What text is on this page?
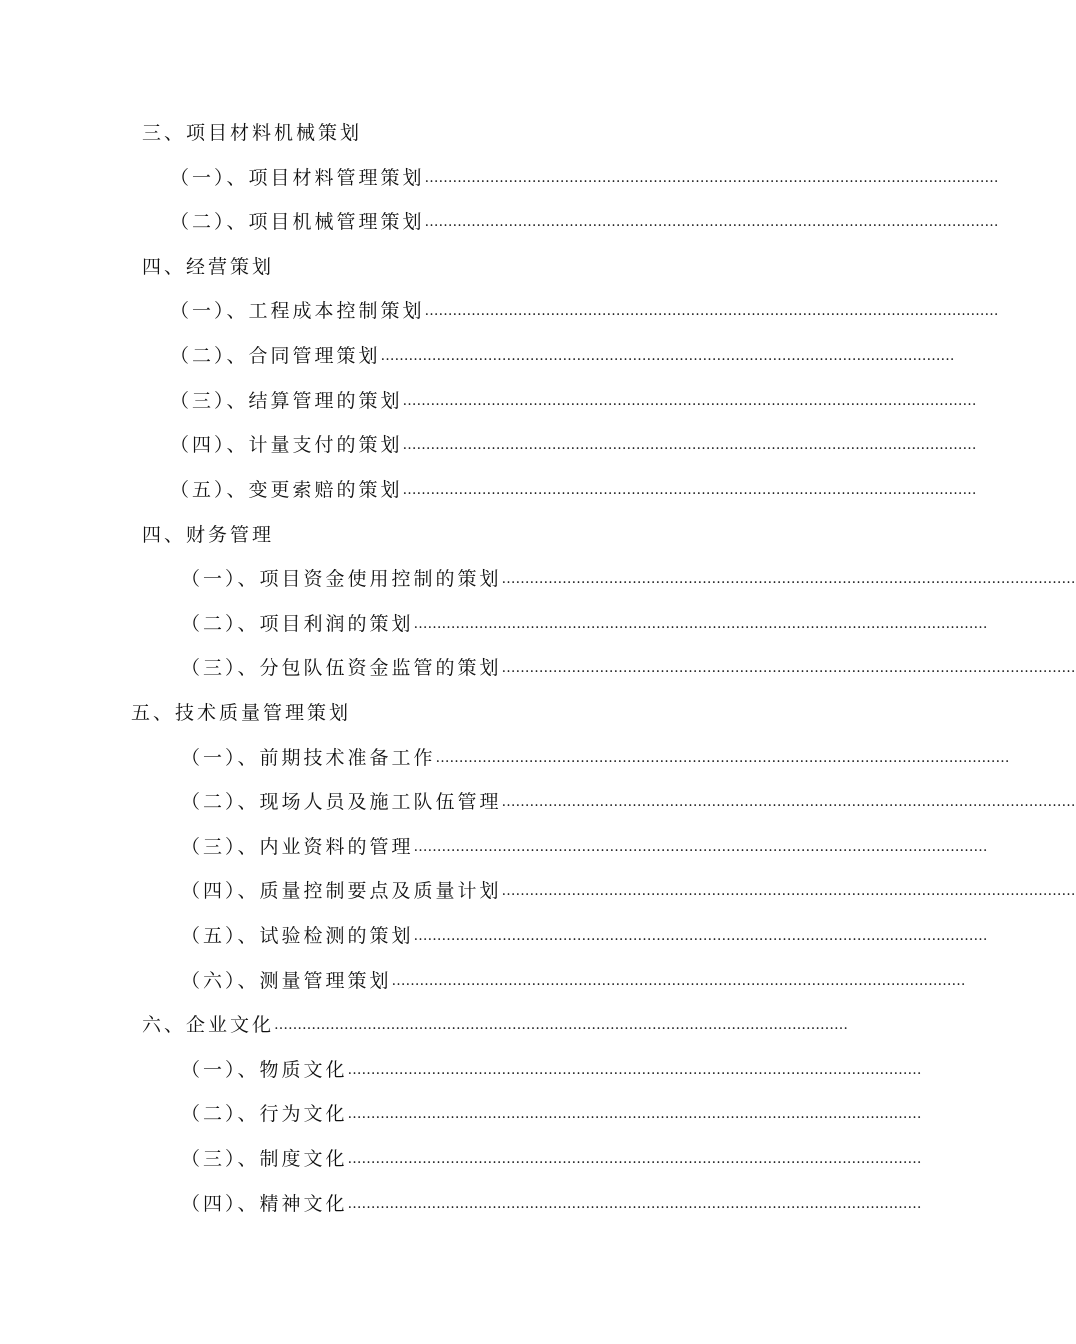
三、项目材料机械策划
（一）、项目材料管理策划……………………………………………………………………………………………………………
（二）、项目机械管理策划……………………………………………………………………………………………………………
四、经营策划
（一）、工程成本控制策划……………………………………………………………………………………………………………
（二）、合同管理策划……………………………………………………………………………………………………………
（三）、结算管理的策划……………………………………………………………………………………………………………
（四）、计量支付的策划……………………………………………………………………………………………………………
（五）、变更索赔的策划……………………………………………………………………………………………………………
四、财务管理
（一）、项目资金使用控制的策划……………………………………………………………………………………………………………
（二）、项目利润的策划……………………………………………………………………………………………………………
（三）、分包队伍资金监管的策划……………………………………………………………………………………………………………
五、技术质量管理策划
（一）、前期技术准备工作……………………………………………………………………………………………………………
（二）、现场人员及施工队伍管理……………………………………………………………………………………………………………
（三）、内业资料的管理……………………………………………………………………………………………………………
（四）、质量控制要点及质量计划……………………………………………………………………………………………………………
（五）、试验检测的策划……………………………………………………………………………………………………………
（六）、测量管理策划……………………………………………………………………………………………………………
六、企业文化……………………………………………………………………………………………………………
（一）、物质文化……………………………………………………………………………………………………………
（二）、行为文化……………………………………………………………………………………………………………
（三）、制度文化……………………………………………………………………………………………………………
（四）、精神文化……………………………………………………………………………………………………………
